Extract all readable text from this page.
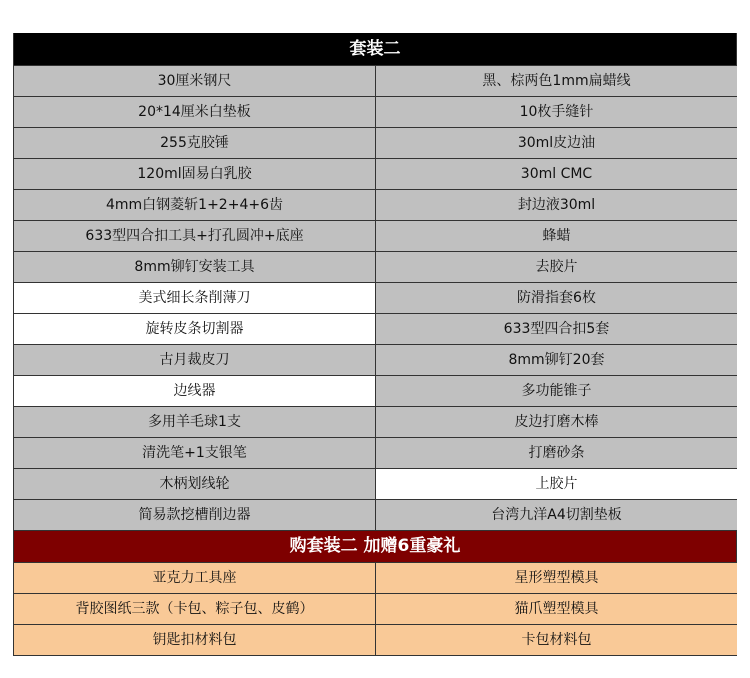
套装二
30厘米钢尺	黑、棕两色1mm扁蜡线
20*14厘米白垫板	10枚手缝针
255克胶锤	30ml皮边油
120ml固易白乳胶	30ml CMC
4mm白钢菱斩1+2+4+6齿	封边液30ml
633型四合扣工具+打孔圆冲+底座	蜂蜡
8mm铆钉安装工具	去胶片
美式细长条削薄刀	防滑指套6枚
旋转皮条切割器	633型四合扣5套
古月裁皮刀	8mm铆钉20套
边线器	多功能锥子
多用羊毛球1支	皮边打磨木棒
清洗笔+1支银笔	打磨砂条
木柄划线轮	上胶片
简易款挖槽削边器	台湾九洋A4切割垫板
购套装二 加赠6重豪礼
亚克力工具座	星形塑型模具
背胶图纸三款（卡包、粽子包、皮鹤）	猫爪塑型模具
钥匙扣材料包	卡包材料包
